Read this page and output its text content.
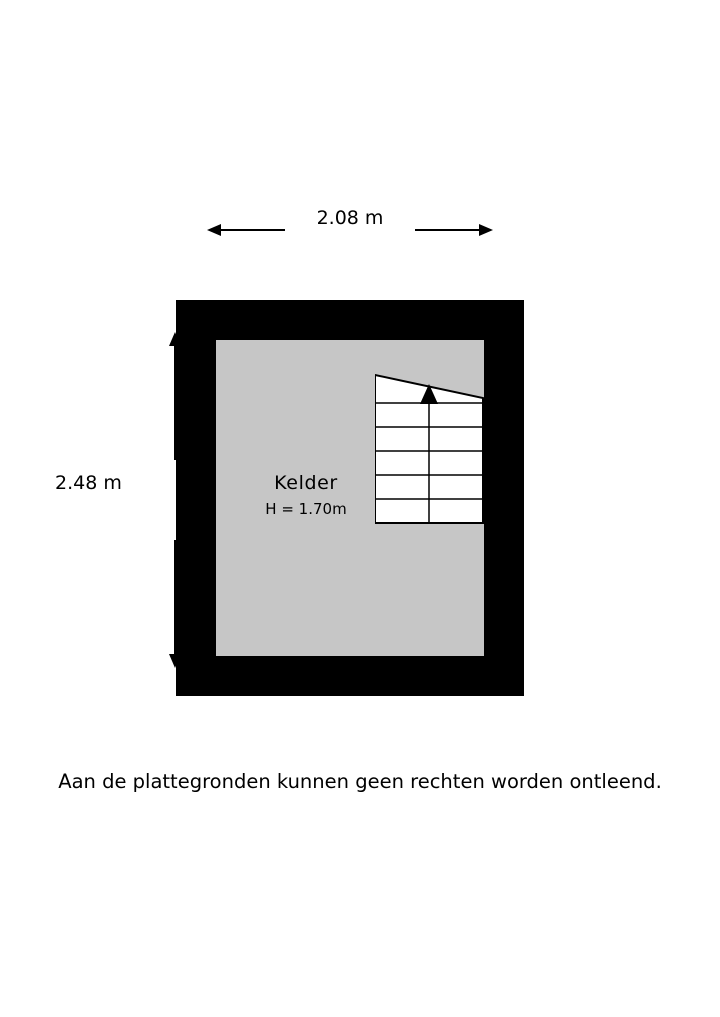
2.08 m
2.48 m	Kelder
H = 1.70m
Aan de plattegronden kunnen geen rechten worden ontleend.
